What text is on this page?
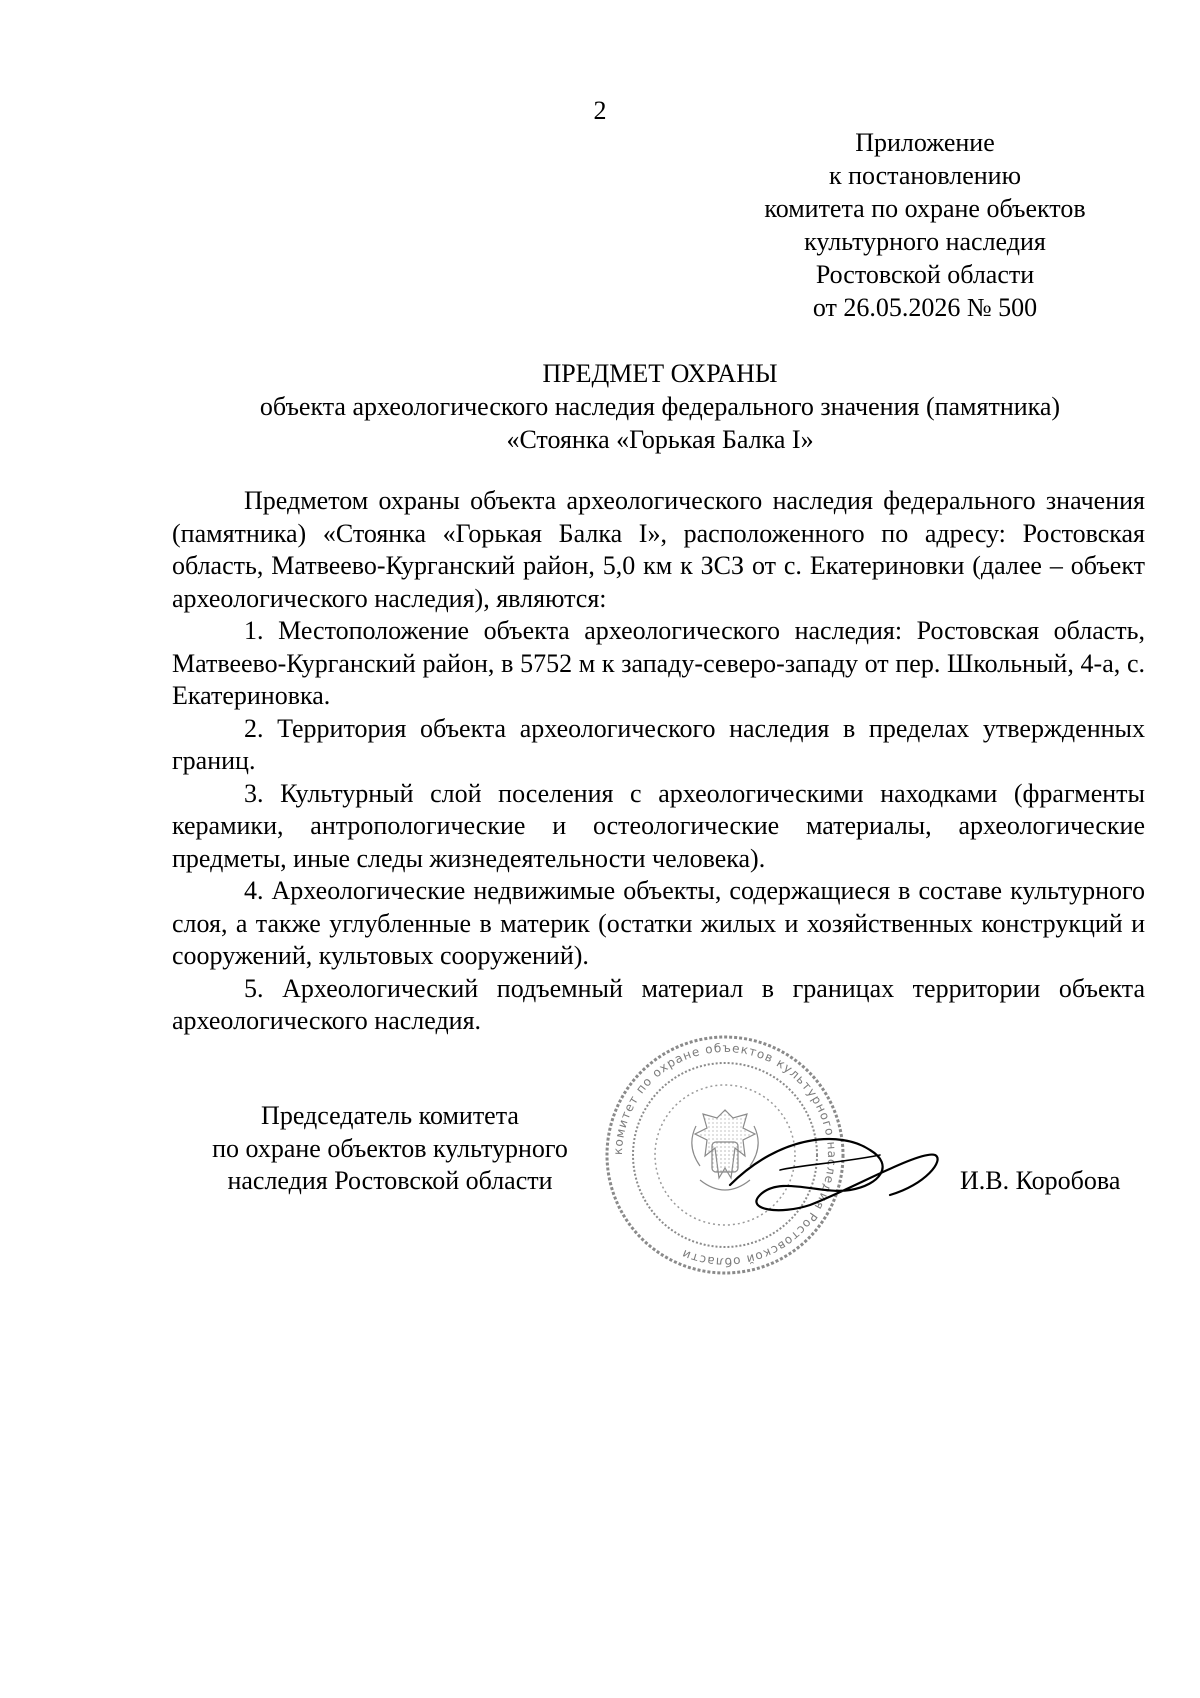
2
Приложение
к постановлению
комитета по охране объектов
культурного наследия
Ростовской области
от 26.05.2026 № 500
ПРЕДМЕТ ОХРАНЫ
объекта археологического наследия федерального значения (памятника)
«Стоянка «Горькая Балка I»

Предметом охраны объекта археологического наследия федерального значения (памятника) «Стоянка «Горькая Балка I», расположенного по адресу: Ростовская область, Матвеево-Курганский район, 5,0 км к ЗСЗ от с. Екатериновки (далее – объект археологического наследия), являются:

1. Местоположение объекта археологического наследия: Ростовская область, Матвеево-Курганский район, в 5752 м к западу-северо-западу от пер. Школьный, 4-а, с. Екатериновка.

2. Территория объекта археологического наследия в пределах утвержденных границ.

3. Культурный слой поселения с археологическими находками (фрагменты керамики, антропологические и остеологические материалы, археологические предметы, иные следы жизнедеятельности человека).

4. Археологические недвижимые объекты, содержащиеся в составе культурного слоя, а также углубленные в материк (остатки жилых и хозяйственных конструкций и сооружений, культовых сооружений).

5. Археологический подъемный материал в границах территории объекта археологического наследия.

комитет по охране объектов культурного наследия Ростовской области
Председатель комитета
по охране объектов культурного
наследия Ростовской области	И.В. Коробова
